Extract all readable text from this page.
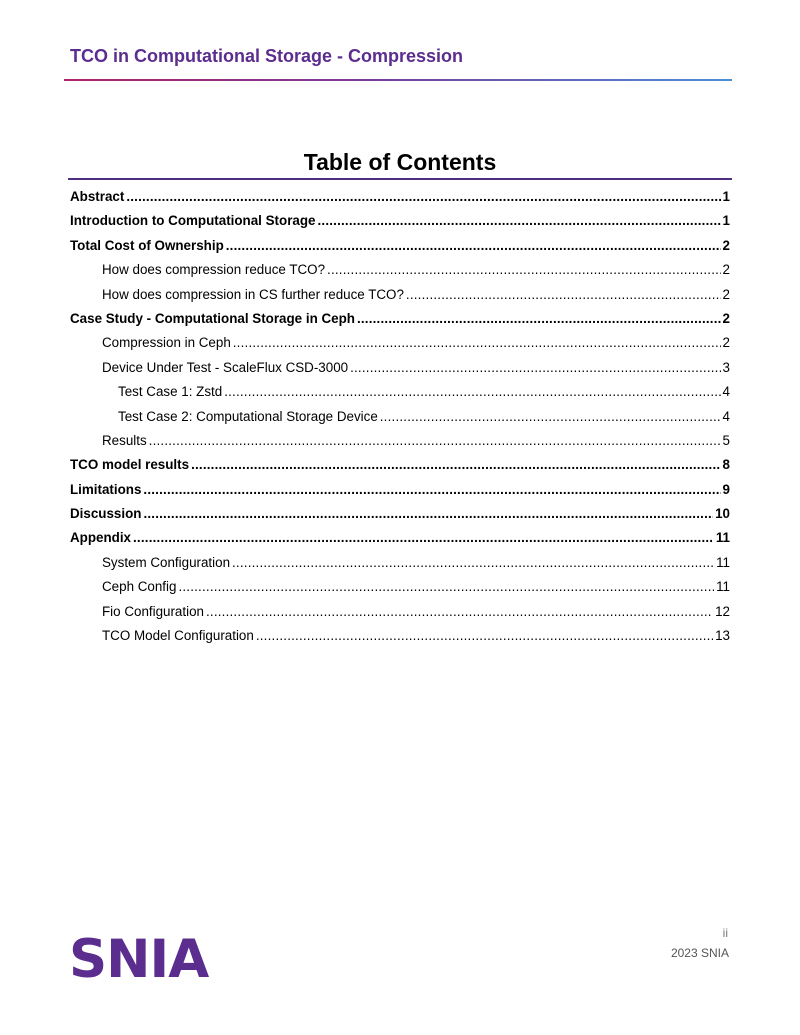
TCO in Computational Storage - Compression
Table of Contents
Abstract .....	1
Introduction to Computational Storage .....	1
Total Cost of Ownership .....	2
How does compression reduce TCO? .....	2
How does compression in CS further reduce TCO? .....	2
Case Study - Computational Storage in Ceph .....	2
Compression in Ceph .....	2
Device Under Test - ScaleFlux CSD-3000 .....	3
Test Case 1: Zstd .....	4
Test Case 2: Computational Storage Device .....	4
Results .....	5
TCO model results .....	8
Limitations .....	9
Discussion .....	10
Appendix .....	11
System Configuration .....	11
Ceph Config .....	11
Fio Configuration .....	12
TCO Model Configuration .....	13
ii
2023 SNIA
SNIA
